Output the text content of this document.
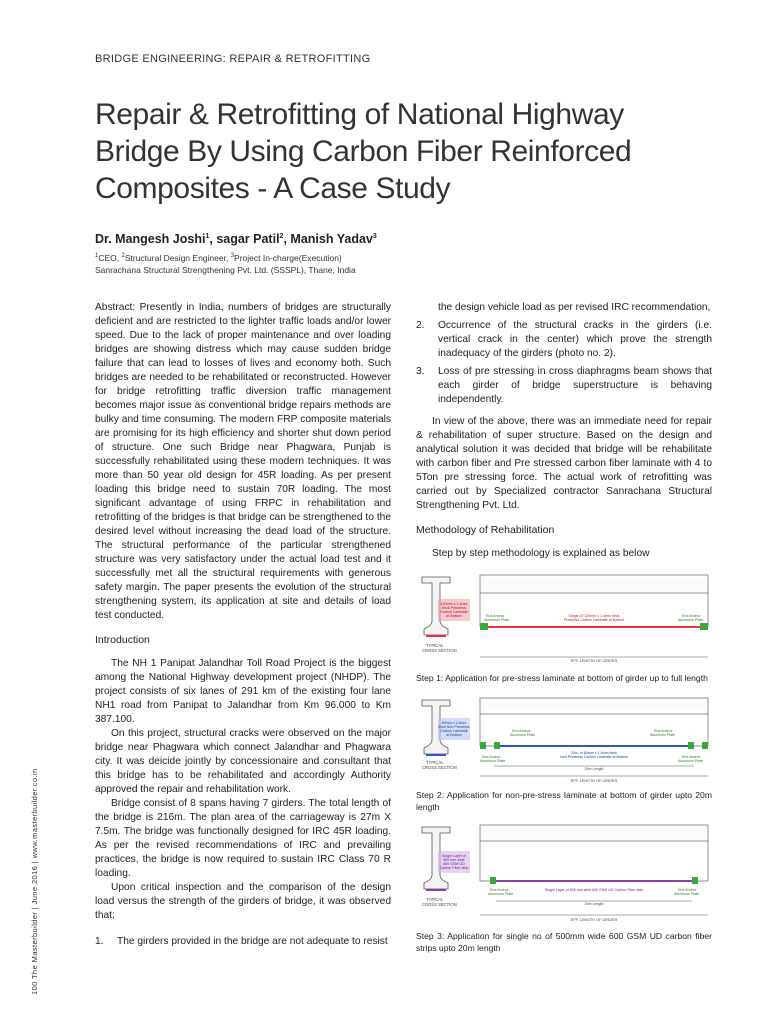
BRIDGE ENGINEERING: REPAIR & RETROFITTING
Repair & Retrofitting of National Highway
Bridge By Using Carbon Fiber Reinforced
Composites - A Case Study
Dr. Mangesh Joshi$^1$, sagar Patil$^2$, Manish Yadav$^3$
$^1$CEO, $^2$Structural Design Engineer, $^3$Project In-charge(Execution)
Sanrachana Structural Strengthening Pvt. Ltd. (SSSPL), Thane, India
100 The Masterbuilder | June 2016 | www.masterbuilder.co.in

Abstract: Presently in India, numbers of bridges are structurally deficient and are restricted to the lighter traffic loads and/or lower speed. Due to the lack of proper maintenance and over loading bridges are showing distress which may cause sudden bridge failure that can lead to losses of lives and economy both. Such bridges are needed to be rehabilitated or reconstructed. However for bridge retrofitting traffic diversion traffic management becomes major issue as conventional bridge repairs methods are bulky and time consuming. The modern FRP composite materials are promising for its high efficiency and shorter shut down period of structure. One such Bridge near Phagwara, Punjab is successfully rehabilitated using these modern techniques. It was more than 50 year old design for 45R loading. As per present loading this bridge need to sustain 70R loading. The most significant advantage of using FRPC in rehabilitation and retrofitting of the bridges is that bridge can be strengthened to the desired level without increasing the dead load of the structure. The structural performance of the particular strengthened structure was very satisfactory under the actual load test and it successfully met all the structural requirements with generous safety margin. The paper presents the evolution of the structural strengthening system, its application at site and details of load test conducted.

Introduction

The NH 1 Panipat Jalandhar Toll Road Project is the biggest among the National Highway development project (NHDP). The project consists of six lanes of 291 km of the existing four lane NH1 road from Panipat to Jalandhar from Km 96.000 to Km 387.100.

On this project, structural cracks were observed on the major bridge near Phagwara which connect Jalandhar and Phagwara city. It was deicide jointly by concessionaire and consultant that this bridge has to be rehabilitated and accordingly Authority approved the repair and rehabilitation work.

Bridge consist of 8 spans having 7 girders. The total length of the bridge is 216m. The plan area of the carriageway is 27m X 7.5m. The bridge was functionally designed for IRC 45R loading. As per the revised recommendations of IRC and prevailing practices, the bridge is now required to sustain IRC Class 70 R loading.

Upon critical inspection and the comparison of the design load versus the strength of the girders of bridge, it was observed that;

1.	The girders provided in the bridge are not adequate to resist

the design vehicle load as per revised IRC recommendation,

2.	Occurrence of the structural cracks in the girders (i.e. vertical crack in the center) which prove the strength inadequacy of the girders (photo no. 2).
3.	Loss of pre stressing in cross diaphragms beam shows that each girder of bridge superstructure is behaving independently.

In view of the above, there was an immediate need for repair & rehabilitation of super structure. Based on the design and analytical solution it was decided that bridge will be rehabilitate with carbon fiber and Pre stressed carbon fiber laminate with 4 to 5Ton pre stressing force. The actual work of retrofitting was carried out by Specialized contractor Sanrachana Structural Strengthening Pvt. Ltd.

Methodology of Rehabilitation

Step by step methodology is explained as below

100mm x 1.4mm thick Prestress Carbon Laminate at Bottom
TYPICAL CROSS SECTION
End Anchor Aluminum Plate
End Anchor Aluminum Plate
Single Of 100mm x 1.4mm thick Prestress Carbon Laminate at Bottom
EFF. LENGTH OF GIRDER

Step 1: Application for pre-stress laminate at bottom of girder up to full length

80mm x 1.4mm thick Non Prestress Carbon Laminate at Bottom
TYPICAL CROSS SECTION
End Anchor Aluminum Plate
End Anchor Aluminum Plate
End Anchor Aluminum Plate
End Anchor Aluminum Plate
2No. of 80mm x 1.4mm thick Non Prestress Carbon Laminate at Bottom
20m Length
EFF. LENGTH OF GIRDER

Step 2: Application for non-pre-stress laminate at bottom of girder upto 20m length

Single Layer of 500 mm wide 600 GSM UD Carbon Fiber strip
TYPICAL CROSS SECTION
End Anchor Aluminum Plate
End Anchor Aluminum Plate
Single Layer of 500 mm wide 600 GSM UD Carbon Fiber strip
20m Length
EFF. LENGTH OF GIRDER

Step 3: Application for single no of 500mm wide 600 GSM UD carbon fiber strips upto 20m length
